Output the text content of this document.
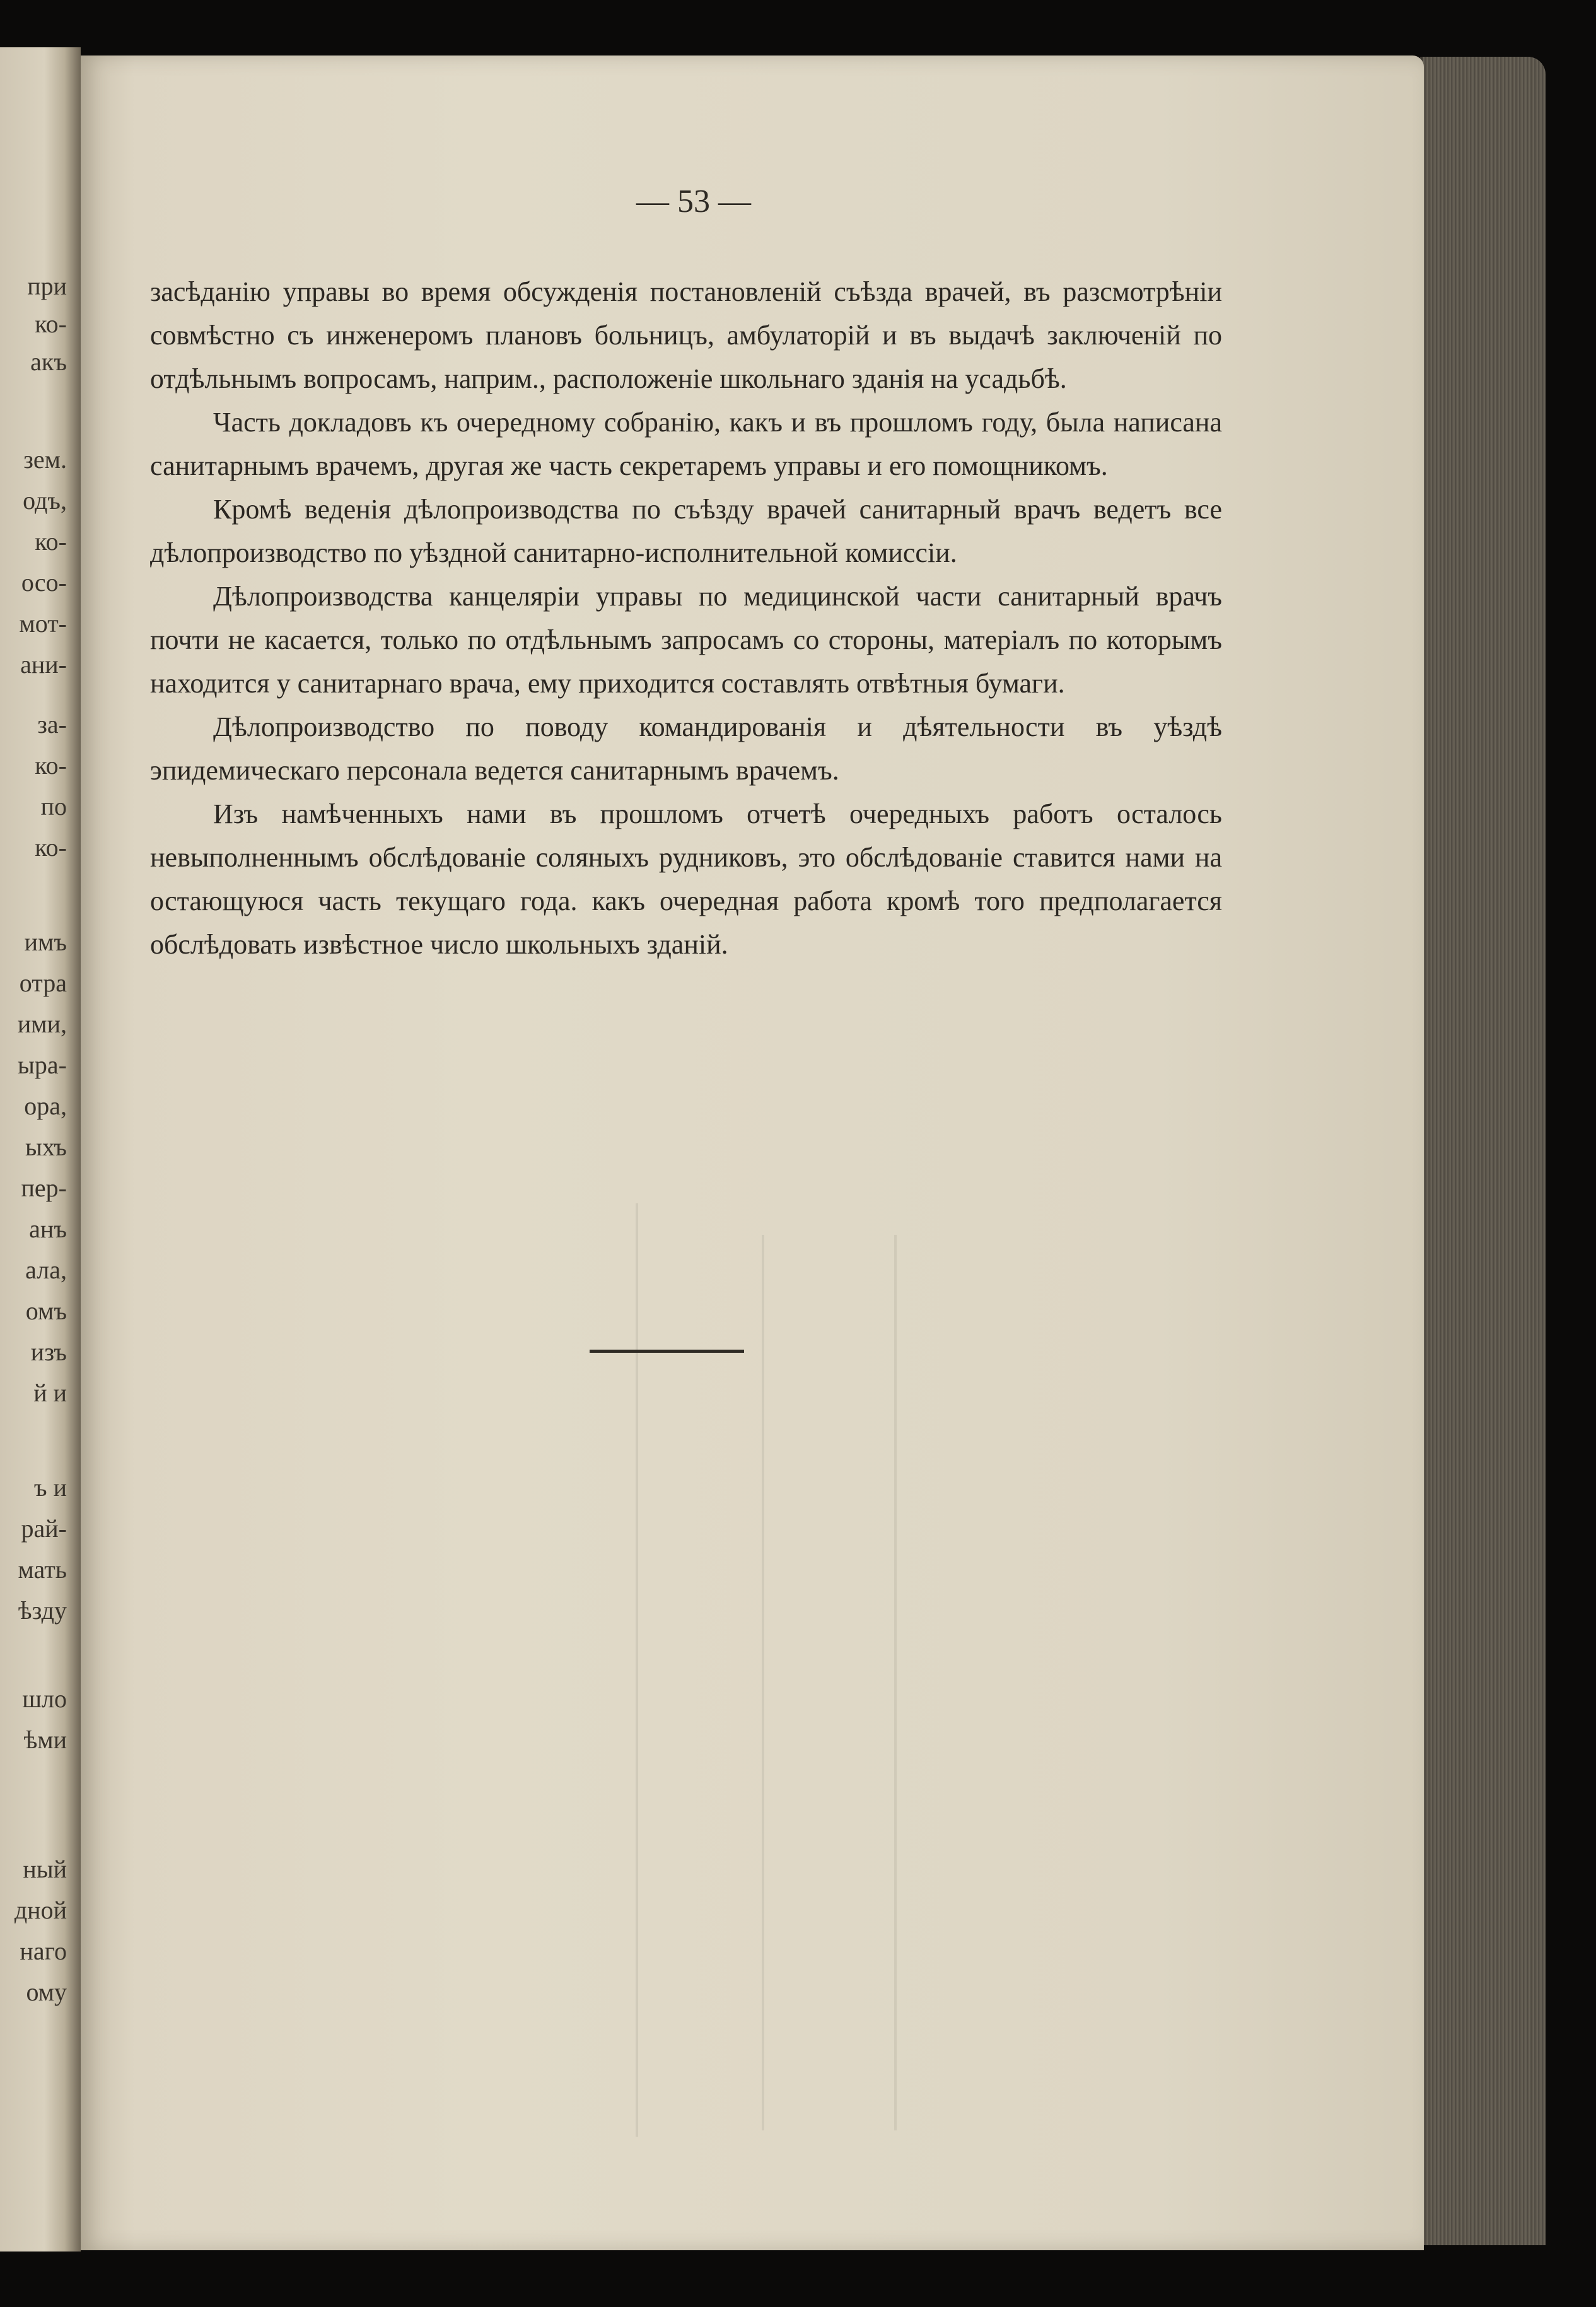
при

ко-

акъ

зем.

одъ,

ко-

осо-

мот-

ани-

за-

ко-

по

ко-

имъ

отра

ими,

ыра-

ора,

ыхъ

пер-

анъ

ала,

омъ

изъ

й и

ъ и

рай-

мать

ѣзду

шло

ѣми

ный

дной

наго

ому

— 53 —

засѣданію управы во время обсужденія постановленій съѣзда врачей, въ разсмотрѣніи совмѣстно съ инженеромъ плановъ больницъ, амбулаторій и въ выдачѣ заключеній по отдѣльнымъ вопросамъ, наприм., расположеніе школьнаго зданія на усадьбѣ.

Часть докладовъ къ очередному собранію, какъ и въ прошломъ году, была написана санитарнымъ врачемъ, другая же часть секретаремъ управы и его помощникомъ.

Кромѣ веденія дѣлопроизводства по съѣзду врачей санитарный врачъ ведетъ все дѣлопроизводство по уѣздной санитарно-исполнительной комиссіи.

Дѣлопроизводства канцеляріи управы по медицинской части санитарный врачъ почти не касается, только по отдѣльнымъ запросамъ со стороны, матеріалъ по которымъ находится у санитарнаго врача, ему приходится составлять отвѣтныя бумаги.

Дѣлопроизводство по поводу командированія и дѣятельности въ уѣздѣ эпидемическаго персонала ведется санитарнымъ врачемъ.

Изъ намѣченныхъ нами въ прошломъ отчетѣ очередныхъ работъ осталось невыполненнымъ обслѣдованіе соляныхъ рудниковъ, это обслѣдованіе ставится нами на остающуюся часть текущаго года. какъ очередная работа кромѣ того предполагается обслѣдовать извѣстное число школьныхъ зданій.
